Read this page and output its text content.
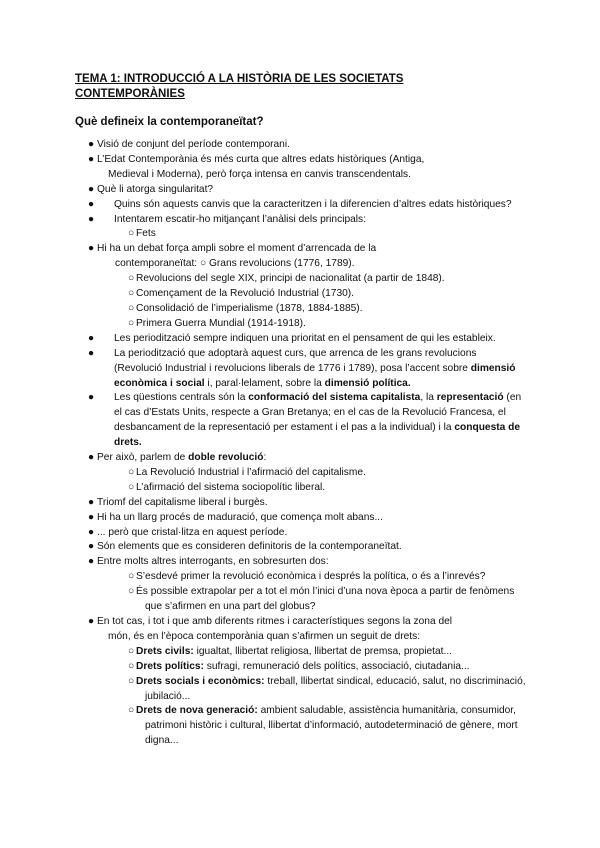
TEMA 1: INTRODUCCIÓ A LA HISTÒRIA DE LES SOCIETATS CONTEMPORÀNIES
Què defineix la contemporaneïtat?

● Visió de conjunt del període contemporani.

● L’Edat Contemporània és més curta que altres edats històriques (Antiga,

Medieval i Moderna), però força intensa en canvis transcendentals.

● Què li atorga singularitat?

● Quins són aquests canvis que la caracteritzen i la diferencien d’altres edats històriques?

● Intentarem escatir-ho mitjançant l’anàlisi dels principals:

○ Fets

● Hi ha un debat força ampli sobre el moment d’arrencada de la

contemporaneïtat: ○ Grans revolucions (1776, 1789).

○ Revolucions del segle XIX, principi de nacionalitat (a partir de 1848).

○ Començament de la Revolució Industrial (1730).

○ Consolidació de l’imperialisme (1878, 1884-1885).

○ Primera Guerra Mundial (1914-1918).

● Les periodització sempre indiquen una prioritat en el pensament de qui les estableix.

● La periodització que adoptarà aquest curs, que arrenca de les grans revolucions (Revolució Industrial i revolucions liberals de 1776 i 1789), posa l’accent sobre dimensió econòmica i social i, paral·lelament, sobre la dimensió política.

● Les qüestions centrals són la conformació del sistema capitalista, la representació (en el cas d’Estats Units, respecte a Gran Bretanya; en el cas de la Revolució Francesa, el desbancament de la representació per estament i el pas a la individual) i la conquesta de drets.

● Per això, parlem de doble revolució:

○ La Revolució Industrial i l’afirmació del capitalisme.

○ L’afirmació del sistema sociopolític liberal.

● Triomf del capitalisme liberal i burgès.

● Hi ha un llarg procés de maduració, que comença molt abans...

● ... però que cristal·litza en aquest període.

● Són elements que es consideren definitoris de la contemporaneïtat.

● Entre molts altres interrogants, en sobresurten dos:

○ S’esdevé primer la revolució econòmica i després la política, o és a l’inrevés?

○ És possible extrapolar per a tot el món l’inici d’una nova època a partir de fenòmens que s’afirmen en una part del globus?

● En tot cas, i tot i que amb diferents ritmes i característiques segons la zona del

món, és en l’època contemporània quan s’afirmen un seguit de drets:

○ Drets civils: igualtat, llibertat religiosa, llibertat de premsa, propietat...

○ Drets polítics: sufragi, remuneració dels polítics, associació, ciutadania...

○ Drets socials i econòmics: treball, llibertat sindical, educació, salut, no discriminació, jubilació...

○ Drets de nova generació: ambient saludable, assistència humanitària, consumidor, patrimoni històric i cultural, llibertat d’informació, autodeterminació de gènere, mort digna...
